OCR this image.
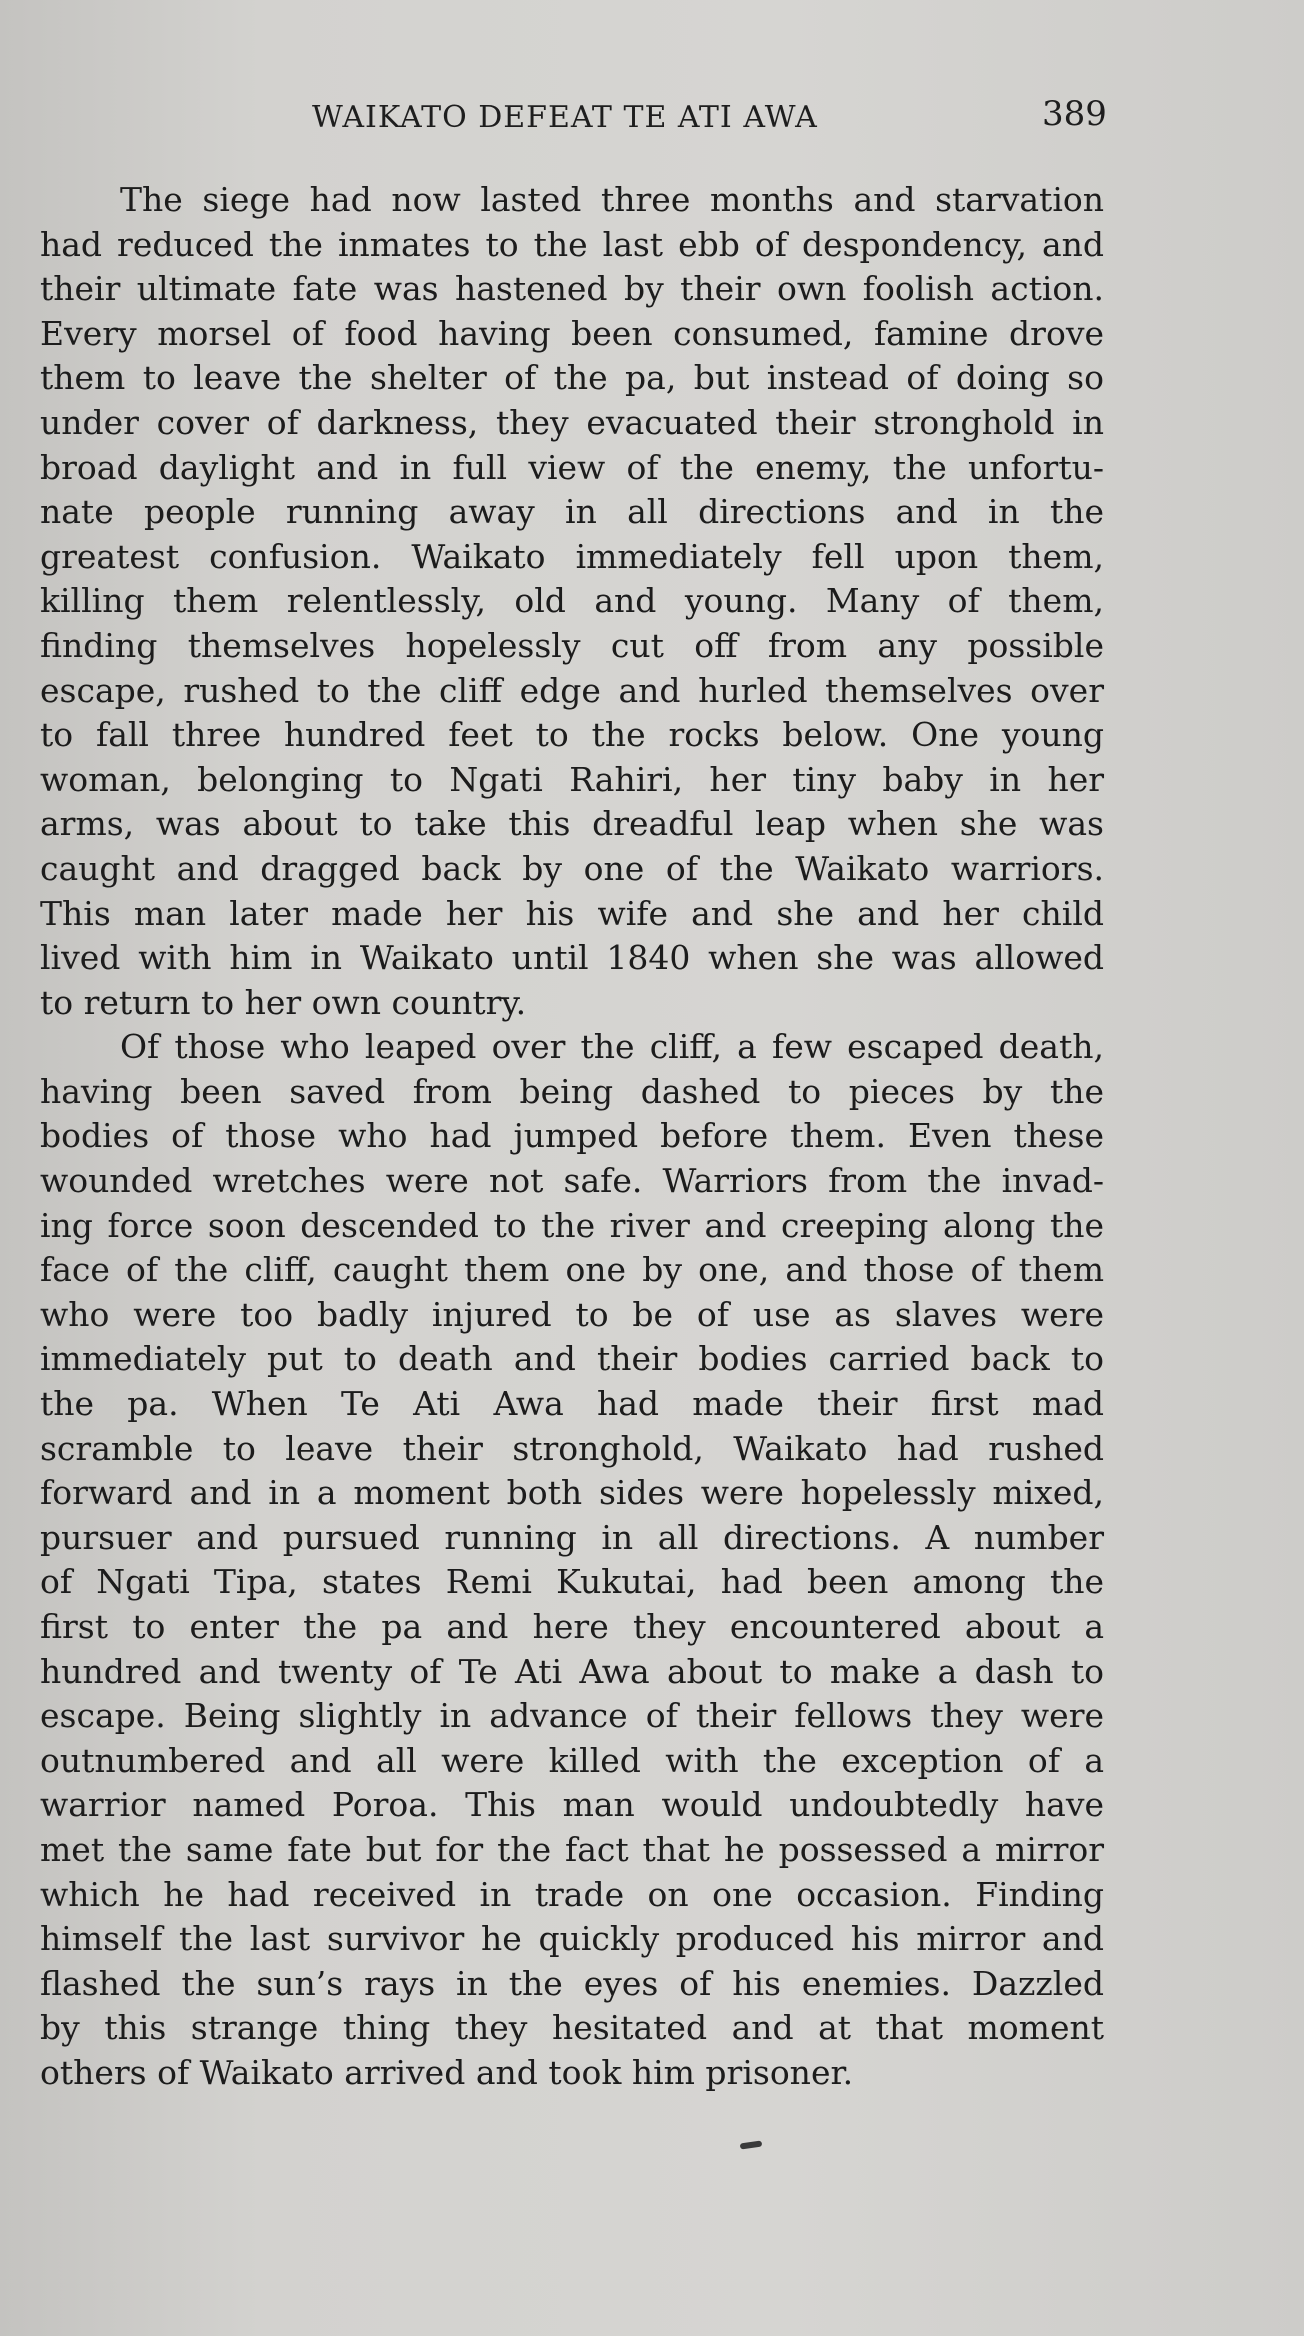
WAIKATO DEFEAT TE ATI AWA	389
The siege had now lasted three months and starvation
had reduced the inmates to the last ebb of despondency, and
their ultimate fate was hastened by their own foolish action.
Every morsel of food having been consumed, famine drove
them to leave the shelter of the pa, but instead of doing so
under cover of darkness, they evacuated their stronghold in
broad daylight and in full view of the enemy, the unfortu-
nate people running away in all directions and in the
greatest confusion. Waikato immediately fell upon them,
killing them relentlessly, old and young. Many of them,
finding themselves hopelessly cut off from any possible
escape, rushed to the cliff edge and hurled themselves over
to fall three hundred feet to the rocks below. One young
woman, belonging to Ngati Rahiri, her tiny baby in her
arms, was about to take this dreadful leap when she was
caught and dragged back by one of the Waikato warriors.
This man later made her his wife and she and her child
lived with him in Waikato until 1840 when she was allowed
to return to her own country.
Of those who leaped over the cliff, a few escaped death,
having been saved from being dashed to pieces by the
bodies of those who had jumped before them. Even these
wounded wretches were not safe. Warriors from the invad-
ing force soon descended to the river and creeping along the
face of the cliff, caught them one by one, and those of them
who were too badly injured to be of use as slaves were
immediately put to death and their bodies carried back to
the pa. When Te Ati Awa had made their first mad
scramble to leave their stronghold, Waikato had rushed
forward and in a moment both sides were hopelessly mixed,
pursuer and pursued running in all directions. A number
of Ngati Tipa, states Remi Kukutai, had been among the
first to enter the pa and here they encountered about a
hundred and twenty of Te Ati Awa about to make a dash to
escape. Being slightly in advance of their fellows they were
outnumbered and all were killed with the exception of a
warrior named Poroa. This man would undoubtedly have
met the same fate but for the fact that he possessed a mirror
which he had received in trade on one occasion. Finding
himself the last survivor he quickly produced his mirror and
flashed the sun’s rays in the eyes of his enemies. Dazzled
by this strange thing they hesitated and at that moment
others of Waikato arrived and took him prisoner.
